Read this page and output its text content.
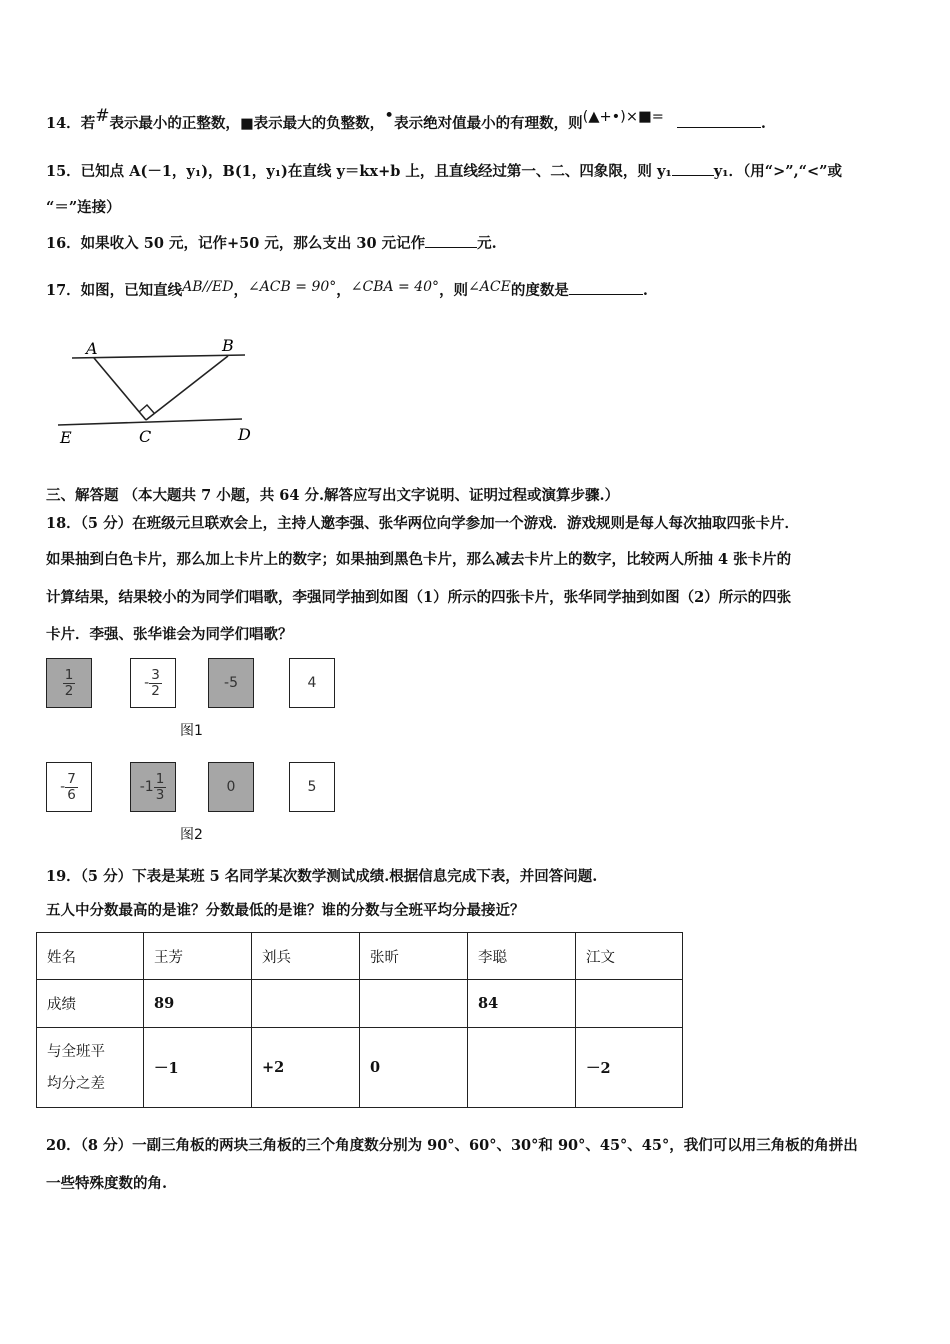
14．若#表示最小的正整数，■表示最大的负整数，•表示绝对值最小的有理数，则(▲+•)×■=	.
15．已知点 A(－1，y₁)，B(1，y₁)在直线 y＝kx+b 上，且直线经过第一、二、四象限，则 y₁	y₁．（用“>”,“<”或
“＝”连接）
16．如果收入 50 元，记作+50 元，那么支出 30 元记作	元.
17．如图，已知直线AB//ED，∠ACB = 90°，∠CBA = 40°，则∠ACE的度数是	.
A	B
E	C	D
三、解答题 （本大题共 7 小题，共 64 分.解答应写出文字说明、证明过程或演算步骤.）
18．（5 分）在班级元旦联欢会上，主持人邀李强、张华两位向学参加一个游戏．游戏规则是每人每次抽取四张卡片．
如果抽到白色卡片，那么加上卡片上的数字；如果抽到黑色卡片，那么减去卡片上的数字，比较两人所抽 4 张卡片的
计算结果，结果较小的为同学们唱歌，李强同学抽到如图（1）所示的四张卡片，张华同学抽到如图（2）所示的四张
卡片．李强、张华谁会为同学们唱歌？
$\frac{1}{2}$	- $\frac{3}{2}$	-5	4
图1
- $\frac{7}{6}$	$-1 \frac{1}{3}$	0	5
图2
19．（5 分）下表是某班 5 名同学某次数学测试成绩.根据信息完成下表，并回答问题.
五人中分数最高的是谁？分数最低的是谁？谁的分数与全班平均分最接近？
姓名	王芳	刘兵	张昕	李聪	江文
成绩	89			84	

与全班平
均分之差	－1	+2	0		－2
20．（8 分）一副三角板的两块三角板的三个角度数分别为 90°、60°、30°和 90°、45°、45°，我们可以用三角板的角拼出
一些特殊度数的角.
